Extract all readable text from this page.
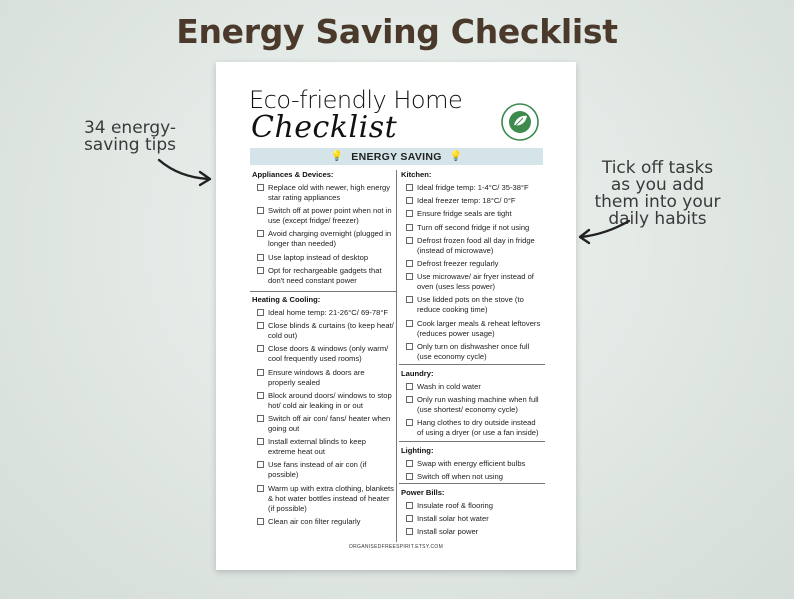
Energy Saving Checklist
34 energy-saving tips
Tick off tasks as you add them into your daily habits
Eco-friendly Home
Checklist
💡 ENERGY SAVING 💡
Appliances & Devices:
Replace old with newer, high energy star rating appliances
Switch off at power point when not in use (except fridge/ freezer)
Avoid charging overnight (plugged in longer than needed)
Use laptop instead of desktop
Opt for rechargeable gadgets that don't need constant power
Heating & Cooling:
Ideal home temp: 21-26°C/ 69-78°F
Close blinds & curtains (to keep heat/ cold out)
Close doors & windows (only warm/ cool frequently used rooms)
Ensure windows & doors are properly sealed
Block around doors/ windows to stop hot/ cold air leaking in or out
Switch off air con/ fans/ heater when going out
Install external blinds to keep extreme heat out
Use fans instead of air con (if possible)
Warm up with extra clothing, blankets & hot water bottles instead of heater (if possible)
Clean air con filter regularly
Kitchen:
Ideal fridge temp: 1-4°C/ 35-38°F
Ideal freezer temp: 18°C/ 0°F
Ensure fridge seals are tight
Turn off second fridge if not using
Defrost frozen food all day in fridge (instead of microwave)
Defrost freezer regularly
Use microwave/ air fryer instead of oven (uses less power)
Use lidded pots on the stove (to reduce cooking time)
Cook larger meals & reheat leftovers (reduces power usage)
Only turn on dishwasher once full (use economy cycle)
Laundry:
Wash in cold water
Only run washing machine when full (use shortest/ economy cycle)
Hang clothes to dry outside instead of using a dryer (or use a fan inside)
Lighting:
Swap with energy efficient bulbs
Switch off when not using
Power Bills:
Insulate roof & flooring
Install solar hot water
Install solar power
ORGANISEDFREESPIRIT.ETSY.COM
